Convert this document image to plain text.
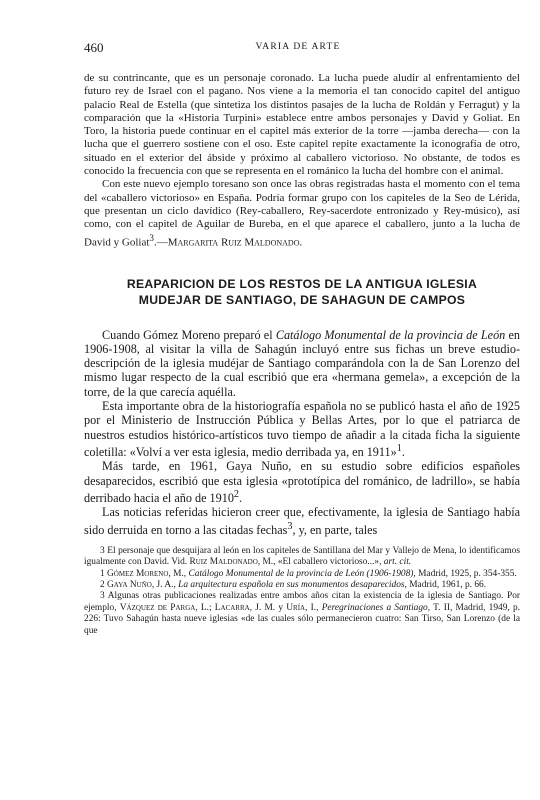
460	VARIA DE ARTE

de su contrincante, que es un personaje coronado. La lucha puede aludir al enfrentamiento del futuro rey de Israel con el pagano. Nos viene a la memoria el tan conocido capitel del antiguo palacio Real de Estella (que sintetiza los distintos pasajes de la lucha de Roldán y Ferragut) y la comparación que la «Historia Turpini» establece entre ambos personajes y David y Goliat. En Toro, la historia puede continuar en el capitel más exterior de la torre —jamba derecha— con la lucha que el guerrero sostiene con el oso. Este capitel repite exactamente la iconografía de otro, situado en el exterior del ábside y próximo al caballero victorioso. No obstante, de todos es conocido la frecuencia con que se representa en el románico la lucha del hombre con el animal.

Con este nuevo ejemplo toresano son once las obras registradas hasta el momento con el tema del «caballero victorioso» en España. Podría formar grupo con los capiteles de la Seo de Lérida, que presentan un ciclo davídico (Rey-caballero, Rey-sacerdote entronizado y Rey-músico), así como, con el capitel de Aguilar de Bureba, en el que aparece el caballero, junto a la lucha de David y Goliat$^3$.—Margarita Ruiz Maldonado.

REAPARICION DE LOS RESTOS DE LA ANTIGUA IGLESIA
MUDEJAR DE SANTIAGO, DE SAHAGUN DE CAMPOS

Cuando Gómez Moreno preparó el Catálogo Monumental de la provincia de León en 1906-1908, al visitar la villa de Sahagún incluyó entre sus fichas un breve estudio-descripción de la iglesia mudéjar de Santiago comparándola con la de San Lorenzo del mismo lugar respecto de la cual escribió que era «hermana gemela», a excepción de la torre, de la que carecía aquélla.

Esta importante obra de la historiografía española no se publicó hasta el año de 1925 por el Ministerio de Instrucción Pública y Bellas Artes, por lo que el patriarca de nuestros estudios histórico-artísticos tuvo tiempo de añadir a la citada ficha la siguiente coletilla: «Volví a ver esta iglesia, medio derribada ya, en 1911»$^1$.

Más tarde, en 1961, Gaya Nuño, en su estudio sobre edificios españoles desaparecidos, escribió que esta iglesia «prototípica del románico, de ladrillo», se había derribado hacia el año de 1910$^2$.

Las noticias referidas hicieron creer que, efectivamente, la iglesia de Santiago había sido derruida en torno a las citadas fechas$^3$, y, en parte, tales

3 El personaje que desquijara al león en los capiteles de Santillana del Mar y Vallejo de Mena, lo identificamos igualmente con David. Vid. Ruiz Maldonado, M., «El caballero victorioso...», art. cit.

1 Gómez Moreno, M., Catálogo Monumental de la provincia de León (1906-1908), Madrid, 1925, p. 354-355.

2 Gaya Nuño, J. A., La arquitectura española en sus monumentos desaparecidos, Madrid, 1961, p. 66.

3 Algunas otras publicaciones realizadas entre ambos años citan la existencia de la iglesia de Santiago. Por ejemplo, Vázquez de Parga, L.; Lacarra, J. M. y Uría, I., Peregrinaciones a Santiago, T. II, Madrid, 1949, p. 226: Tuvo Sahagún hasta nueve iglesias «de las cuales sólo permanecieron cuatro: San Tirso, San Lorenzo (de la que
